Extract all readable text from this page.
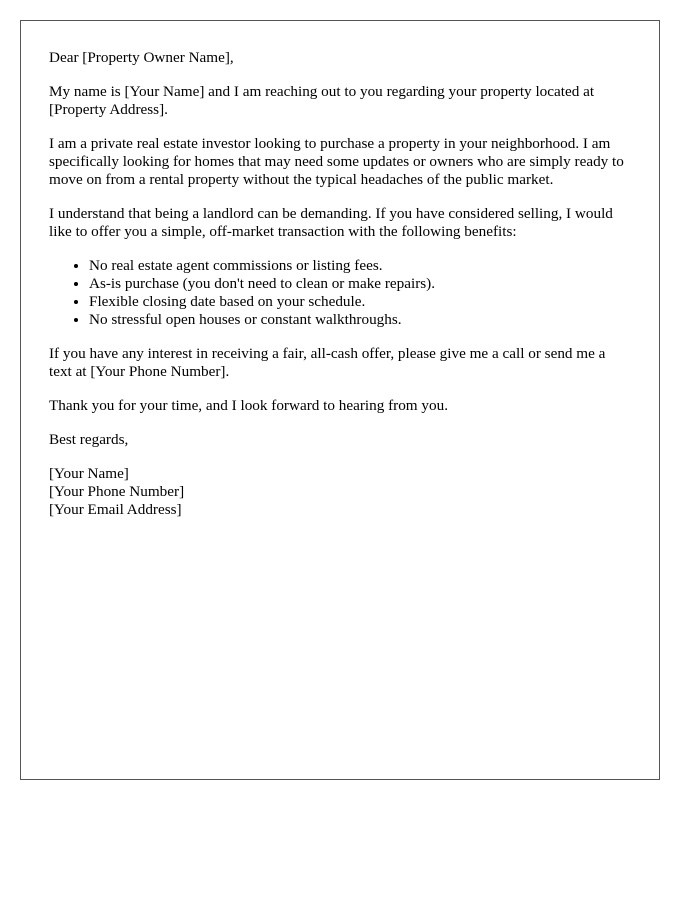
Dear [Property Owner Name],

My name is [Your Name] and I am reaching out to you regarding your property located at [Property Address].

I am a private real estate investor looking to purchase a property in your neighborhood. I am specifically looking for homes that may need some updates or owners who are simply ready to move on from a rental property without the typical headaches of the public market.

I understand that being a landlord can be demanding. If you have considered selling, I would like to offer you a simple, off-market transaction with the following benefits:

• No real estate agent commissions or listing fees.
• As-is purchase (you don't need to clean or make repairs).
• Flexible closing date based on your schedule.
• No stressful open houses or constant walkthroughs.

If you have any interest in receiving a fair, all-cash offer, please give me a call or send me a text at [Your Phone Number].

Thank you for your time, and I look forward to hearing from you.

Best regards,

[Your Name]
[Your Phone Number]
[Your Email Address]
